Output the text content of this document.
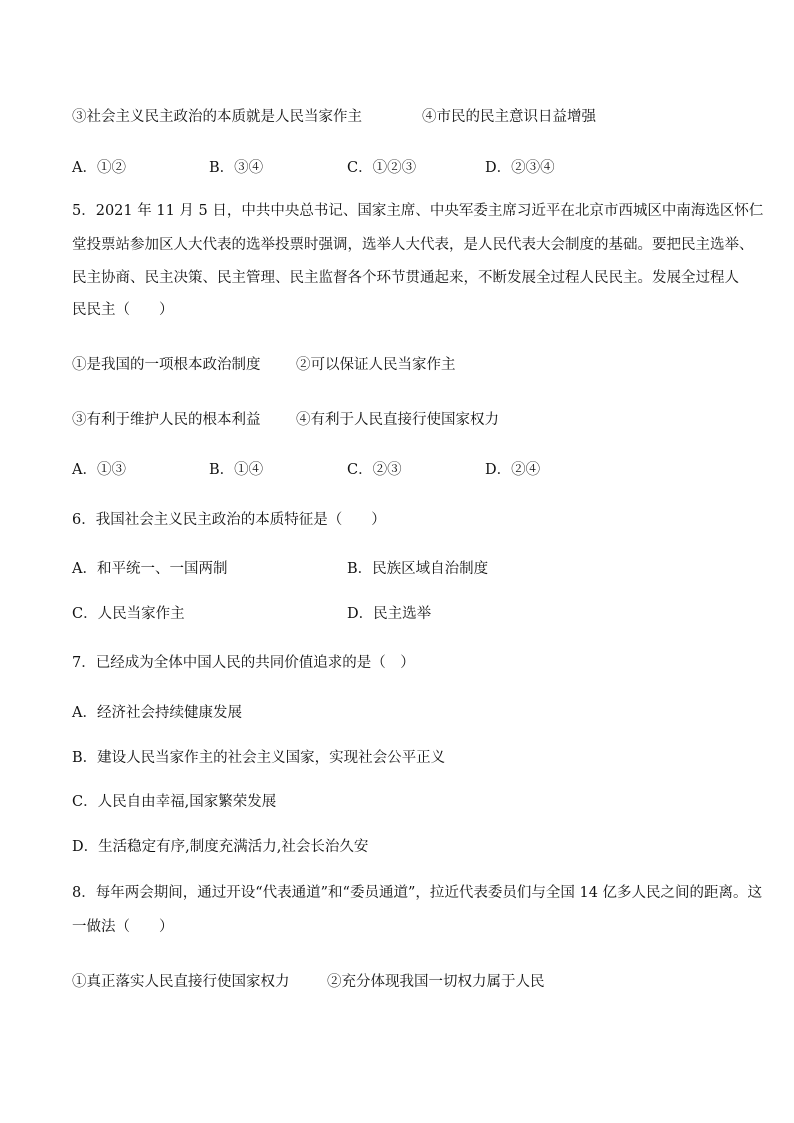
③社会主义民主政治的本质就是人民当家作主	④市民的民主意识日益增强
A．①②	B．③④	C．①②③	D．②③④
5．2021 年 11 月 5 日，中共中央总书记、国家主席、中央军委主席习近平在北京市西城区中南海选区怀仁
堂投票站参加区人大代表的选举投票时强调，选举人大代表，是人民代表大会制度的基础。要把民主选举、
民主协商、民主决策、民主管理、民主监督各个环节贯通起来，不断发展全过程人民民主。发展全过程人
民民主（　　）
①是我国的一项根本政治制度 ②可以保证人民当家作主
③有利于维护人民的根本利益 ④有利于人民直接行使国家权力
A．①③	B．①④	C．②③	D．②④
6．我国社会主义民主政治的本质特征是（　　）
A．和平统一、一国两制	B．民族区域自治制度
C．人民当家作主	D．民主选举
7．已经成为全体中国人民的共同价值追求的是（　）
A．经济社会持续健康发展
B．建设人民当家作主的社会主义国家，实现社会公平正义
C．人民自由幸福,国家繁荣发展
D．生活稳定有序,制度充满活力,社会长治久安
8．每年两会期间，通过开设“代表通道”和“委员通道”，拉近代表委员们与全国 14 亿多人民之间的距离。这
一做法（　　）
①真正落实人民直接行使国家权力	②充分体现我国一切权力属于人民
